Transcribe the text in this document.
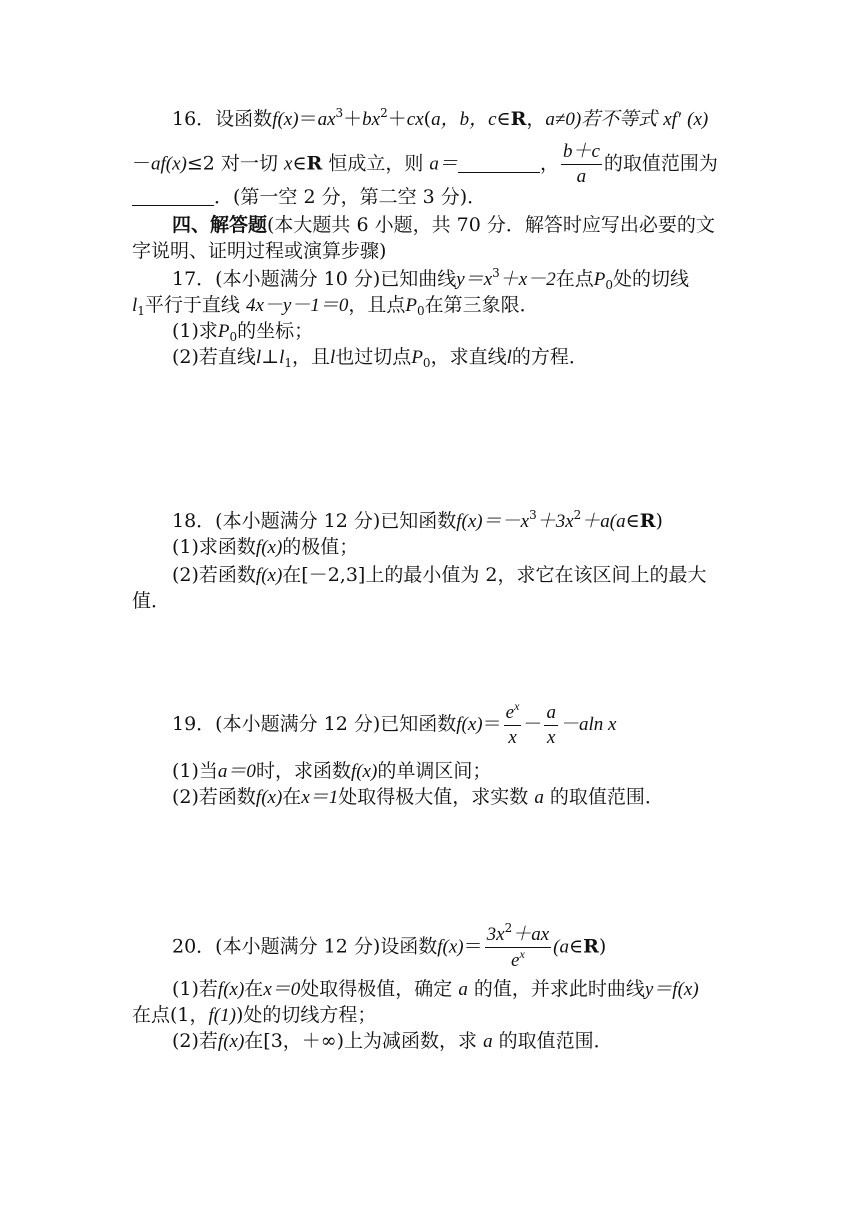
16．设函数$f(x)=ax^3+bx^2+cx(a$，b，c∈R，a≠0)若不等式 xf′ (x)
－af(x)≤2 对一切 x∈R 恒成立，则 a＝	， $\frac{b+c}{a}$ 的取值范围为
．(第一空 2 分，第二空 3 分)．
四、解答题(本大题共 6 小题，共 70 分．解答时应写出必要的文
字说明、证明过程或演算步骤)
17．(本小题满分 10 分)已知曲线$y=x^3+x-2$在点$P_0$处的切线
$l_1$平行于直线 4x－y－1＝0，且点$P_0$在第三象限．
(1)求$P_0$的坐标；
(2)若直线$l\perp l_1$，且l也过切点$P_0$，求直线l的方程．
18．(本小题满分 12 分)已知函数$f(x)=-x^3+3x^2+a(a\in R)$
(1)求函数f(x)的极值；
(2)若函数f(x)在[－2,3]上的最小值为 2，求它在该区间上的最大
值．
19．(本小题满分 12 分)已知函数$f(x)= \frac{e^x}{x} - \frac{a}{x} -aln$ x
(1)当a＝0时，求函数f(x)的单调区间；
(2)若函数f(x)在x＝1处取得极大值，求实数 a 的取值范围．
20．(本小题满分 12 分)设函数$f(x)= \frac{3x^2+ax}{e^x}$ (a∈R)
(1)若f(x)在x＝0处取得极值，确定 a 的值，并求此时曲线y＝f(x)
在点(1，f(1))处的切线方程；
(2)若f(x)在[3，＋∞)上为减函数，求 a 的取值范围．
